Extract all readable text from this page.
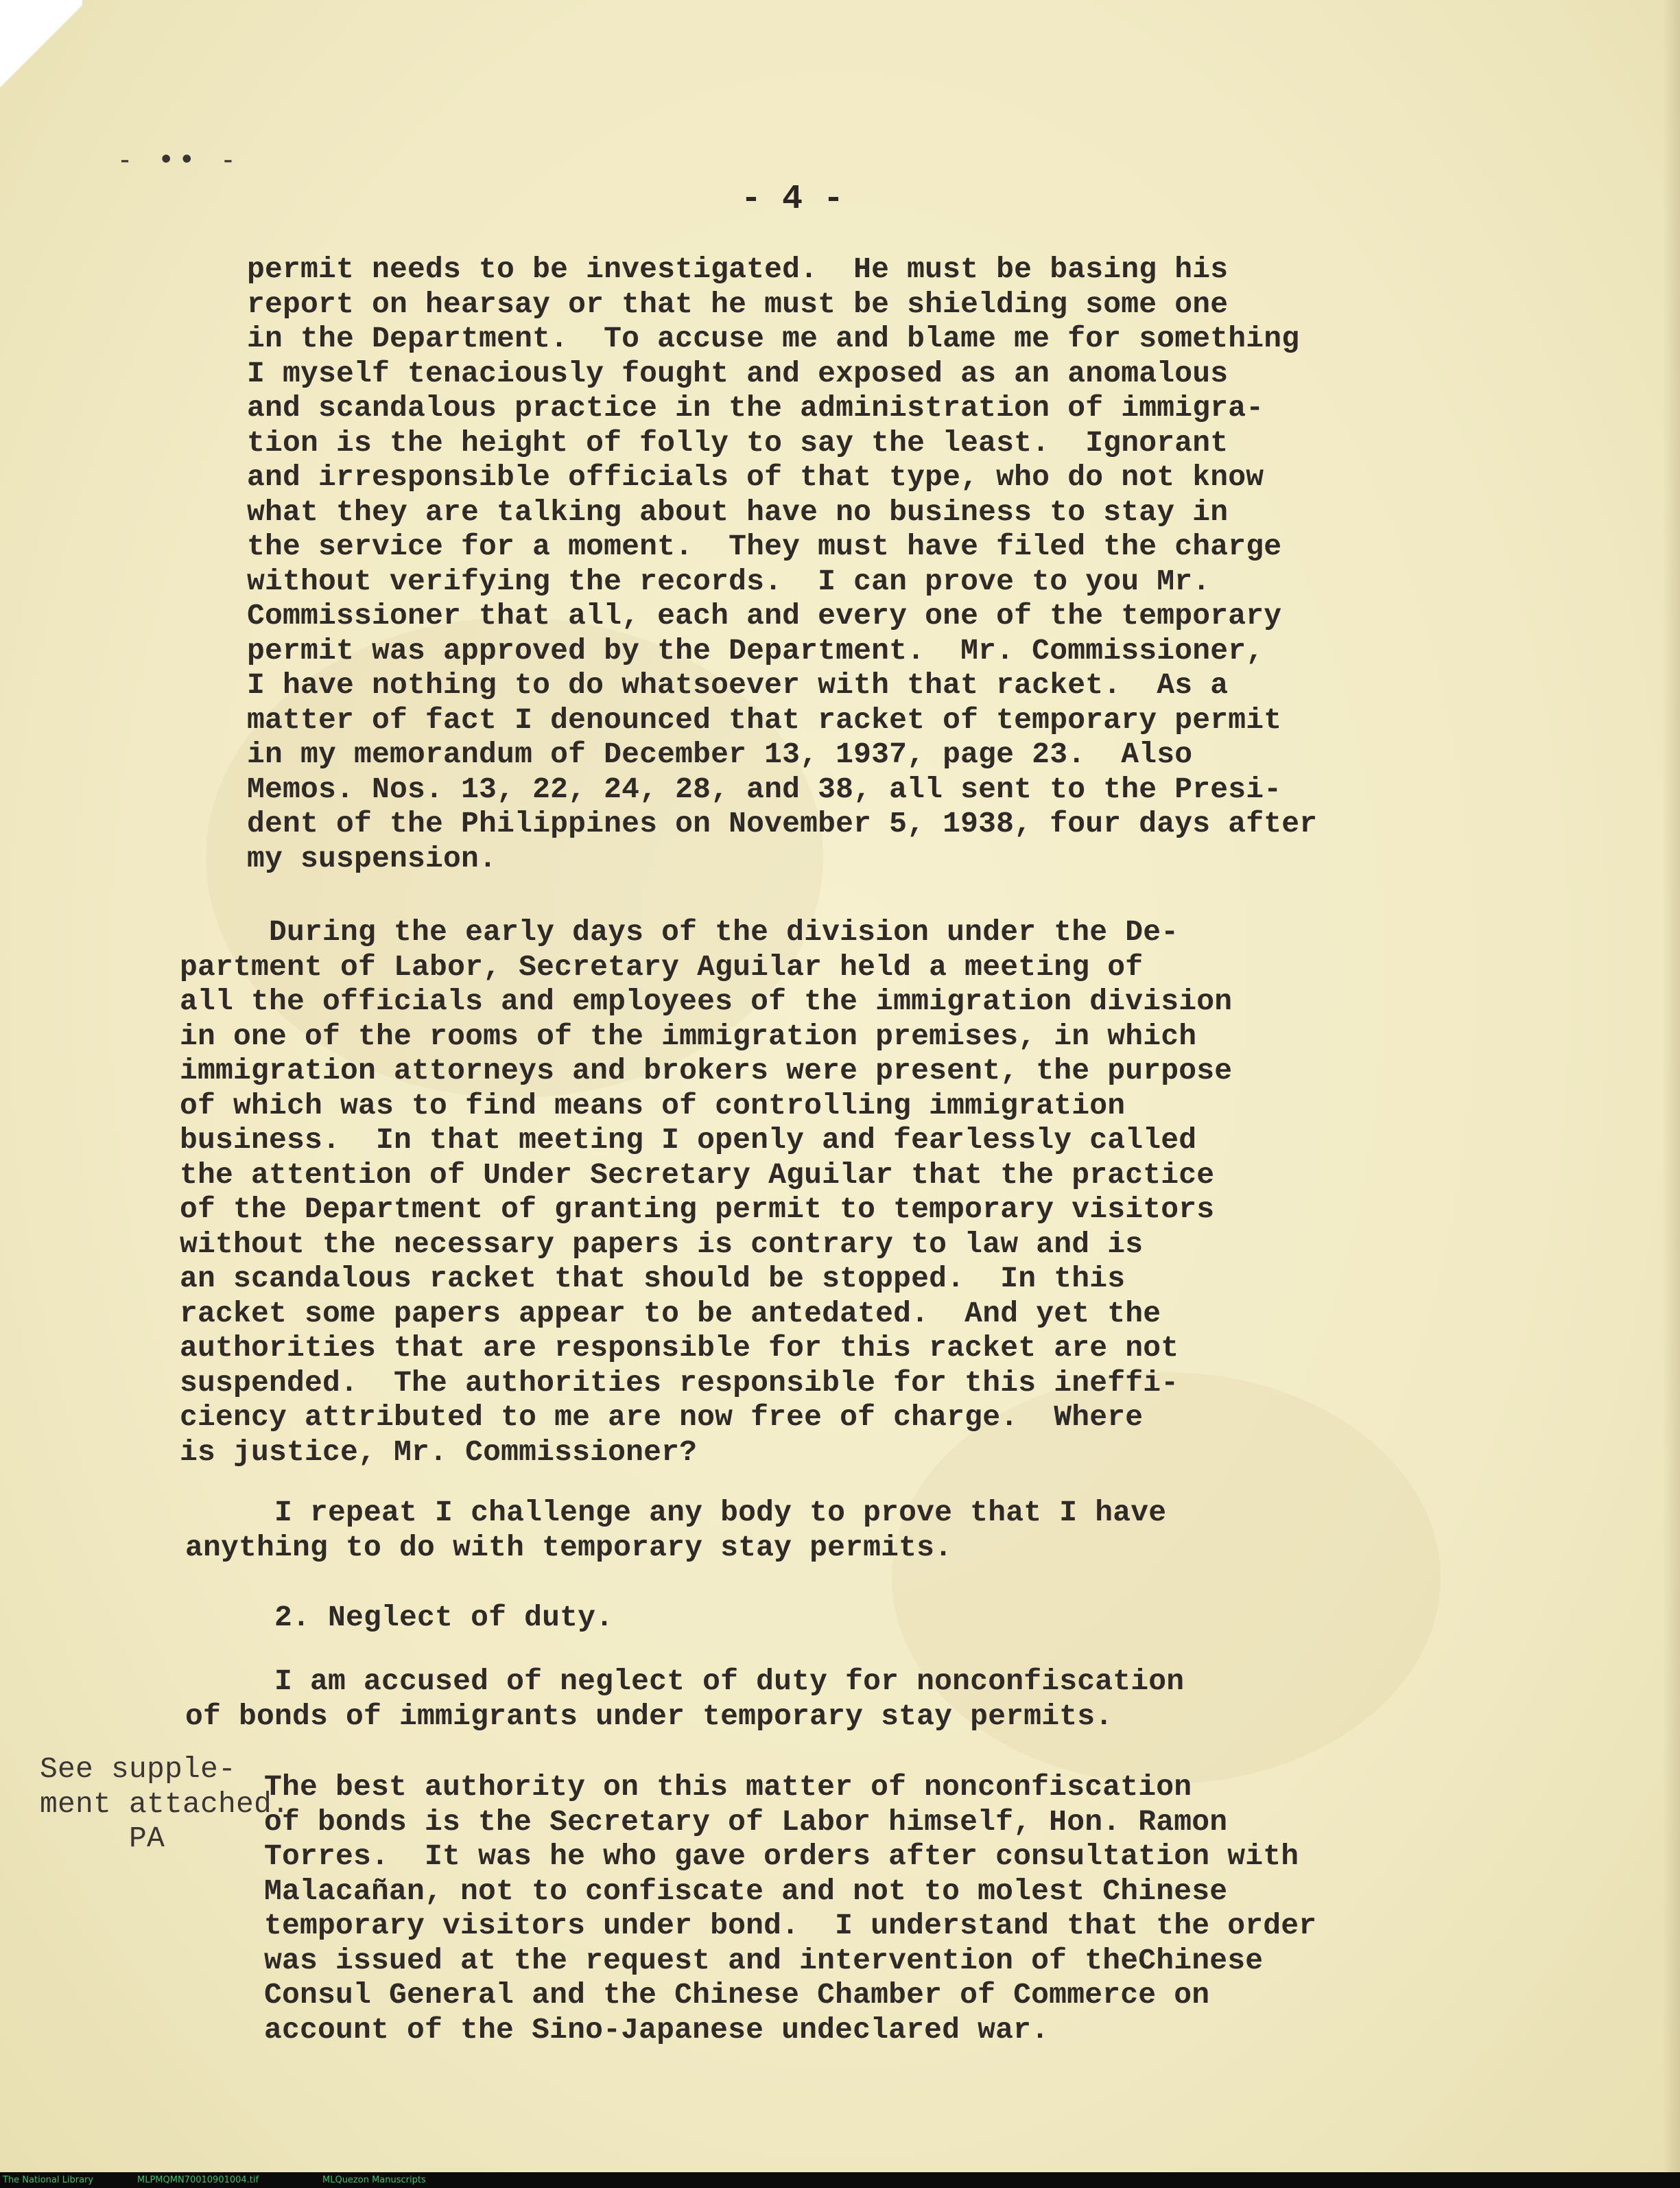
- •• -
- 4 -
permit needs to be investigated.  He must be basing his
report on hearsay or that he must be shielding some one
in the Department.  To accuse me and blame me for something
I myself tenaciously fought and exposed as an anomalous
and scandalous practice in the administration of immigra-
tion is the height of folly to say the least.  Ignorant
and irresponsible officials of that type, who do not know
what they are talking about have no business to stay in
the service for a moment.  They must have filed the charge
without verifying the records.  I can prove to you Mr.
Commissioner that all, each and every one of the temporary
permit was approved by the Department.  Mr. Commissioner,
I have nothing to do whatsoever with that racket.  As a
matter of fact I denounced that racket of temporary permit
in my memorandum of December 13, 1937, page 23.  Also
Memos. Nos. 13, 22, 24, 28, and 38, all sent to the Presi-
dent of the Philippines on November 5, 1938, four days after
my suspension.
During the early days of the division under the De-
partment of Labor, Secretary Aguilar held a meeting of
all the officials and employees of the immigration division
in one of the rooms of the immigration premises, in which
immigration attorneys and brokers were present, the purpose
of which was to find means of controlling immigration
business.  In that meeting I openly and fearlessly called
the attention of Under Secretary Aguilar that the practice
of the Department of granting permit to temporary visitors
without the necessary papers is contrary to law and is
an scandalous racket that should be stopped.  In this
racket some papers appear to be antedated.  And yet the
authorities that are responsible for this racket are not
suspended.  The authorities responsible for this ineffi-
ciency attributed to me are now free of charge.  Where
is justice, Mr. Commissioner?
I repeat I challenge any body to prove that I have
anything to do with temporary stay permits.
2. Neglect of duty.
I am accused of neglect of duty for nonconfiscation
of bonds of immigrants under temporary stay permits.
See supple-
ment attached.
PA
The best authority on this matter of nonconfiscation
of bonds is the Secretary of Labor himself, Hon. Ramon
Torres.  It was he who gave orders after consultation with
Malacañan, not to confiscate and not to molest Chinese
temporary visitors under bond.  I understand that the order
was issued at the request and intervention of theChinese
Consul General and the Chinese Chamber of Commerce on
account of the Sino-Japanese undeclared war.
The National Library	MLPMQMN70010901004.tif	MLQuezon Manuscripts
